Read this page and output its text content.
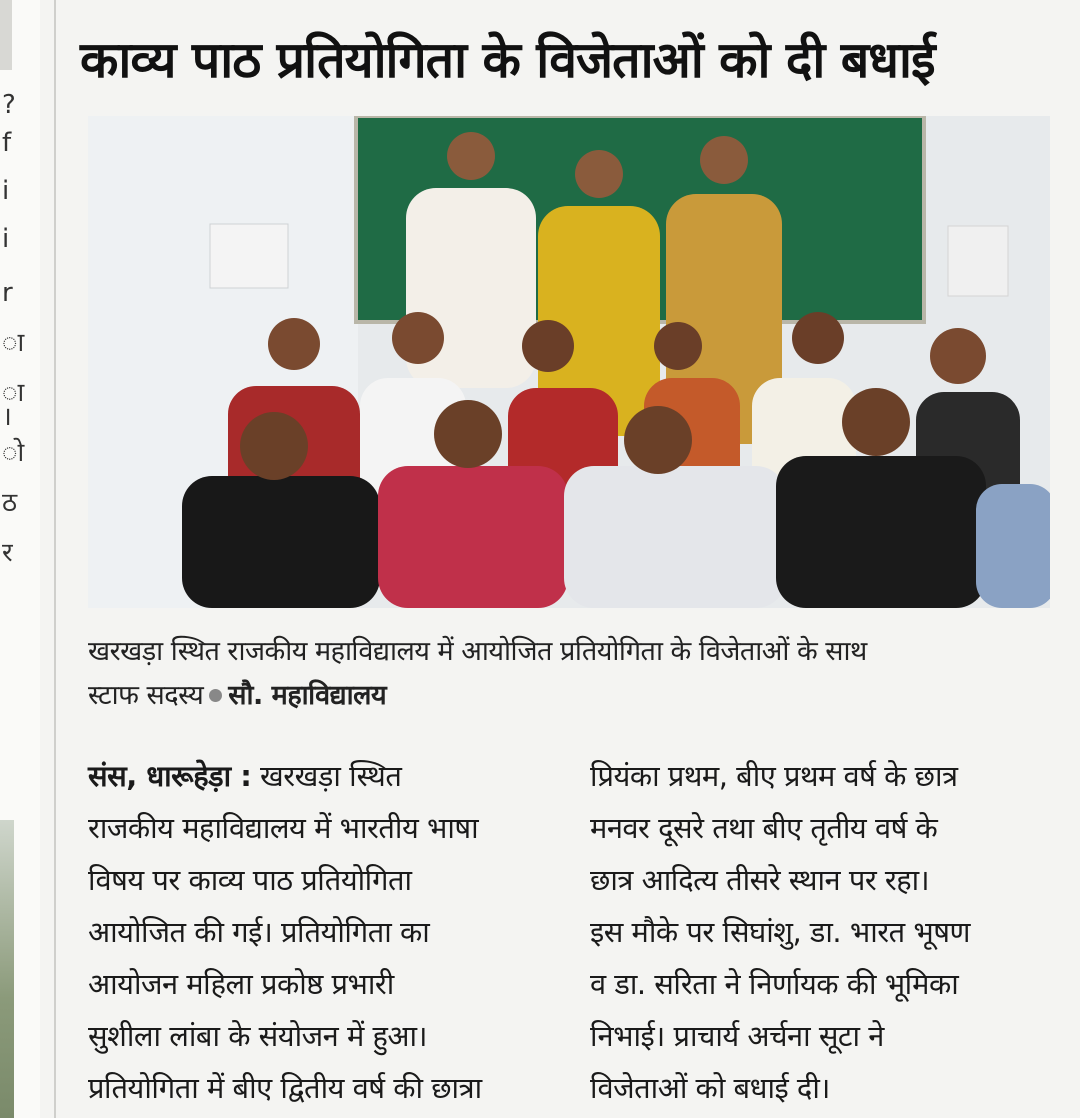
?
f
i
i
r
ा
ा
।
ो
ठ
र
काव्य पाठ प्रतियोगिता के विजेताओं को दी बधाई
खरखड़ा स्थित राजकीय महाविद्यालय में आयोजित प्रतियोगिता के विजेताओं के साथ
स्टाफ सदस्य सौ. महाविद्यालय
संस, धारूहेड़ा : खरखड़ा स्थित
राजकीय महाविद्यालय में भारतीय भाषा
विषय पर काव्य पाठ प्रतियोगिता
आयोजित की गई। प्रतियोगिता का
आयोजन महिला प्रकोष्ठ प्रभारी
सुशीला लांबा के संयोजन में हुआ।
प्रतियोगिता में बीए द्वितीय वर्ष की छात्रा
प्रियंका प्रथम, बीए प्रथम वर्ष के छात्र
मनवर दूसरे तथा बीए तृतीय वर्ष के
छात्र आदित्य तीसरे स्थान पर रहा।
इस मौके पर सिघांशु, डा. भारत भूषण
व डा. सरिता ने निर्णायक की भूमिका
निभाई। प्राचार्य अर्चना सूटा ने
विजेताओं को बधाई दी।
